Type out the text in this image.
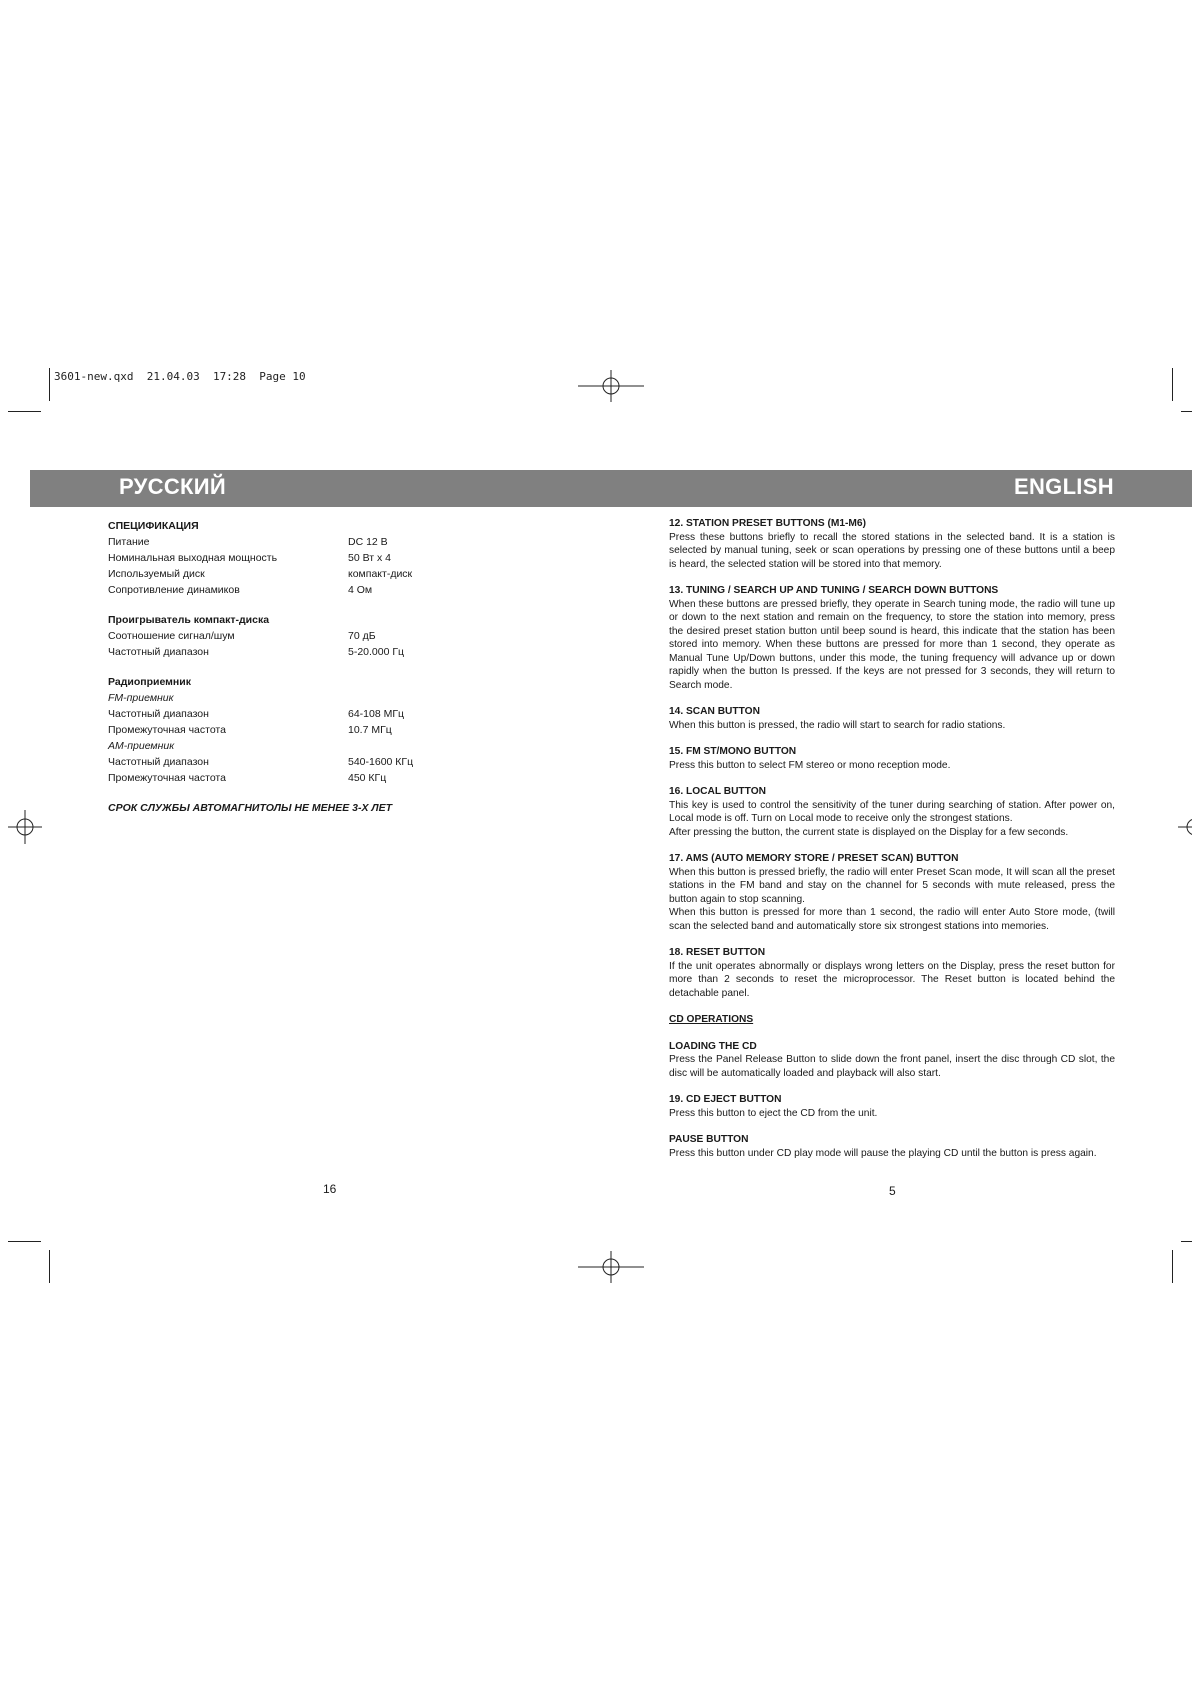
3601-new.qxd  21.04.03  17:28  Page 10
РУССКИЙ	ENGLISH
СПЕЦИФИКАЦИЯ
Питание	DC 12 В
Номинальная выходная мощность	50 Вт х 4
Используемый диск	компакт-диск
Сопротивление динамиков	4 Ом
Проигрыватель компакт-диска
Соотношение сигнал/шум	70 дБ
Частотный диапазон	5-20.000 Гц
Радиоприемник
FM-приемник
Частотный диапазон	64-108 МГц
Промежуточная частота	10.7 МГц
AM-приемник
Частотный диапазон	540-1600 КГц
Промежуточная частота	450 КГц
СРОК СЛУЖБЫ АВТОМАГНИТОЛЫ НЕ МЕНЕЕ 3-Х ЛЕТ
12. STATION PRESET BUTTONS (M1-M6)

Press these buttons briefly to recall the stored stations in the selected band. It is a station is selected by manual tuning, seek or scan operations by pressing one of these buttons until a beep is heard, the selected station will be stored into that memory.

13. TUNING / SEARCH UP AND TUNING / SEARCH DOWN BUTTONS

When these buttons are pressed briefly, they operate in Search tuning mode, the radio will tune up or down to the next station and remain on the frequency, to store the station into memory, press the desired preset station button until beep sound is heard, this indicate that the station has been stored into memory. When these buttons are pressed for more than 1 second, they operate as Manual Tune Up/Down buttons, under this mode, the tuning frequency will advance up or down rapidly when the button Is pressed. If the keys are not pressed for 3 seconds, they will return to Search mode.

14. SCAN BUTTON

When this button is pressed, the radio will start to search for radio stations.

15. FM ST/MONO BUTTON

Press this button to select FM stereo or mono reception mode.

16. LOCAL BUTTON

This key is used to control the sensitivity of the tuner during searching of station. After power on, Local mode is off. Turn on Local mode to receive only the strongest stations.

After pressing the button, the current state is displayed on the Display for a few seconds.

17. AMS (AUTO MEMORY STORE / PRESET SCAN) BUTTON

When this button is pressed briefly, the radio will enter Preset Scan mode, It will scan all the preset stations in the FM band and stay on the channel for 5 seconds with mute released, press the button again to stop scanning.

When this button is pressed for more than 1 second, the radio will enter Auto Store mode, (twill scan the selected band and automatically store six strongest stations into memories.

18. RESET BUTTON

If the unit operates abnormally or displays wrong letters on the Display, press the reset button for more than 2 seconds to reset the microprocessor. The Reset button is located behind the detachable panel.

CD OPERATIONS
LOADING THE CD

Press the Panel Release Button to slide down the front panel, insert the disc through CD slot, the disc will be automatically loaded and playback will also start.

19. CD EJECT BUTTON

Press this button to eject the CD from the unit.

PAUSE BUTTON

Press this button under CD play mode will pause the playing CD until the button is press again.

16	5
